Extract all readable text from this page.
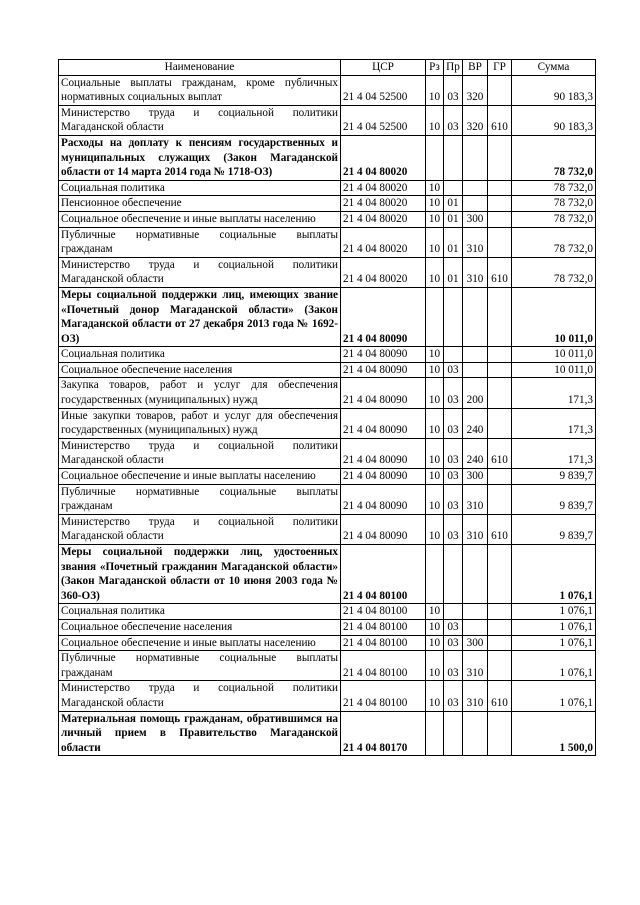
Наименование	ЦСР	Рз	Пр	ВР	ГР	Сумма
Социальные выплаты гражданам, кроме публичных нормативных социальных выплат	21 4 04 52500	10	03	320		90 183,3
Министерство труда и социальной политики Магаданской области	21 4 04 52500	10	03	320	610	90 183,3
Расходы на доплату к пенсиям государственных и муниципальных служащих (Закон Магаданской области от 14 марта 2014 года № 1718-ОЗ)	21 4 04 80020					78 732,0
Социальная политика	21 4 04 80020	10				78 732,0
Пенсионное обеспечение	21 4 04 80020	10	01			78 732,0
Социальное обеспечение и иные выплаты населению	21 4 04 80020	10	01	300		78 732,0
Публичные нормативные социальные выплаты гражданам	21 4 04 80020	10	01	310		78 732,0
Министерство труда и социальной политики Магаданской области	21 4 04 80020	10	01	310	610	78 732,0
Меры социальной поддержки лиц, имеющих звание «Почетный донор Магаданской области» (Закон Магаданской области от 27 декабря 2013 года № 1692-ОЗ)	21 4 04 80090					10 011,0
Социальная политика	21 4 04 80090	10				10 011,0
Социальное обеспечение населения	21 4 04 80090	10	03			10 011,0
Закупка товаров, работ и услуг для обеспечения государственных (муниципальных) нужд	21 4 04 80090	10	03	200		171,3
Иные закупки товаров, работ и услуг для обеспечения государственных (муниципальных) нужд	21 4 04 80090	10	03	240		171,3
Министерство труда и социальной политики Магаданской области	21 4 04 80090	10	03	240	610	171,3
Социальное обеспечение и иные выплаты населению	21 4 04 80090	10	03	300		9 839,7
Публичные нормативные социальные выплаты гражданам	21 4 04 80090	10	03	310		9 839,7
Министерство труда и социальной политики Магаданской области	21 4 04 80090	10	03	310	610	9 839,7
Меры социальной поддержки лиц, удостоенных звания «Почетный гражданин Магаданской области» (Закон Магаданской области от 10 июня 2003 года № 360-ОЗ)	21 4 04 80100					1 076,1
Социальная политика	21 4 04 80100	10				1 076,1
Социальное обеспечение населения	21 4 04 80100	10	03			1 076,1
Социальное обеспечение и иные выплаты населению	21 4 04 80100	10	03	300		1 076,1
Публичные нормативные социальные выплаты гражданам	21 4 04 80100	10	03	310		1 076,1
Министерство труда и социальной политики Магаданской области	21 4 04 80100	10	03	310	610	1 076,1
Материальная помощь гражданам, обратившимся на личный прием в Правительство Магаданской области	21 4 04 80170					1 500,0
